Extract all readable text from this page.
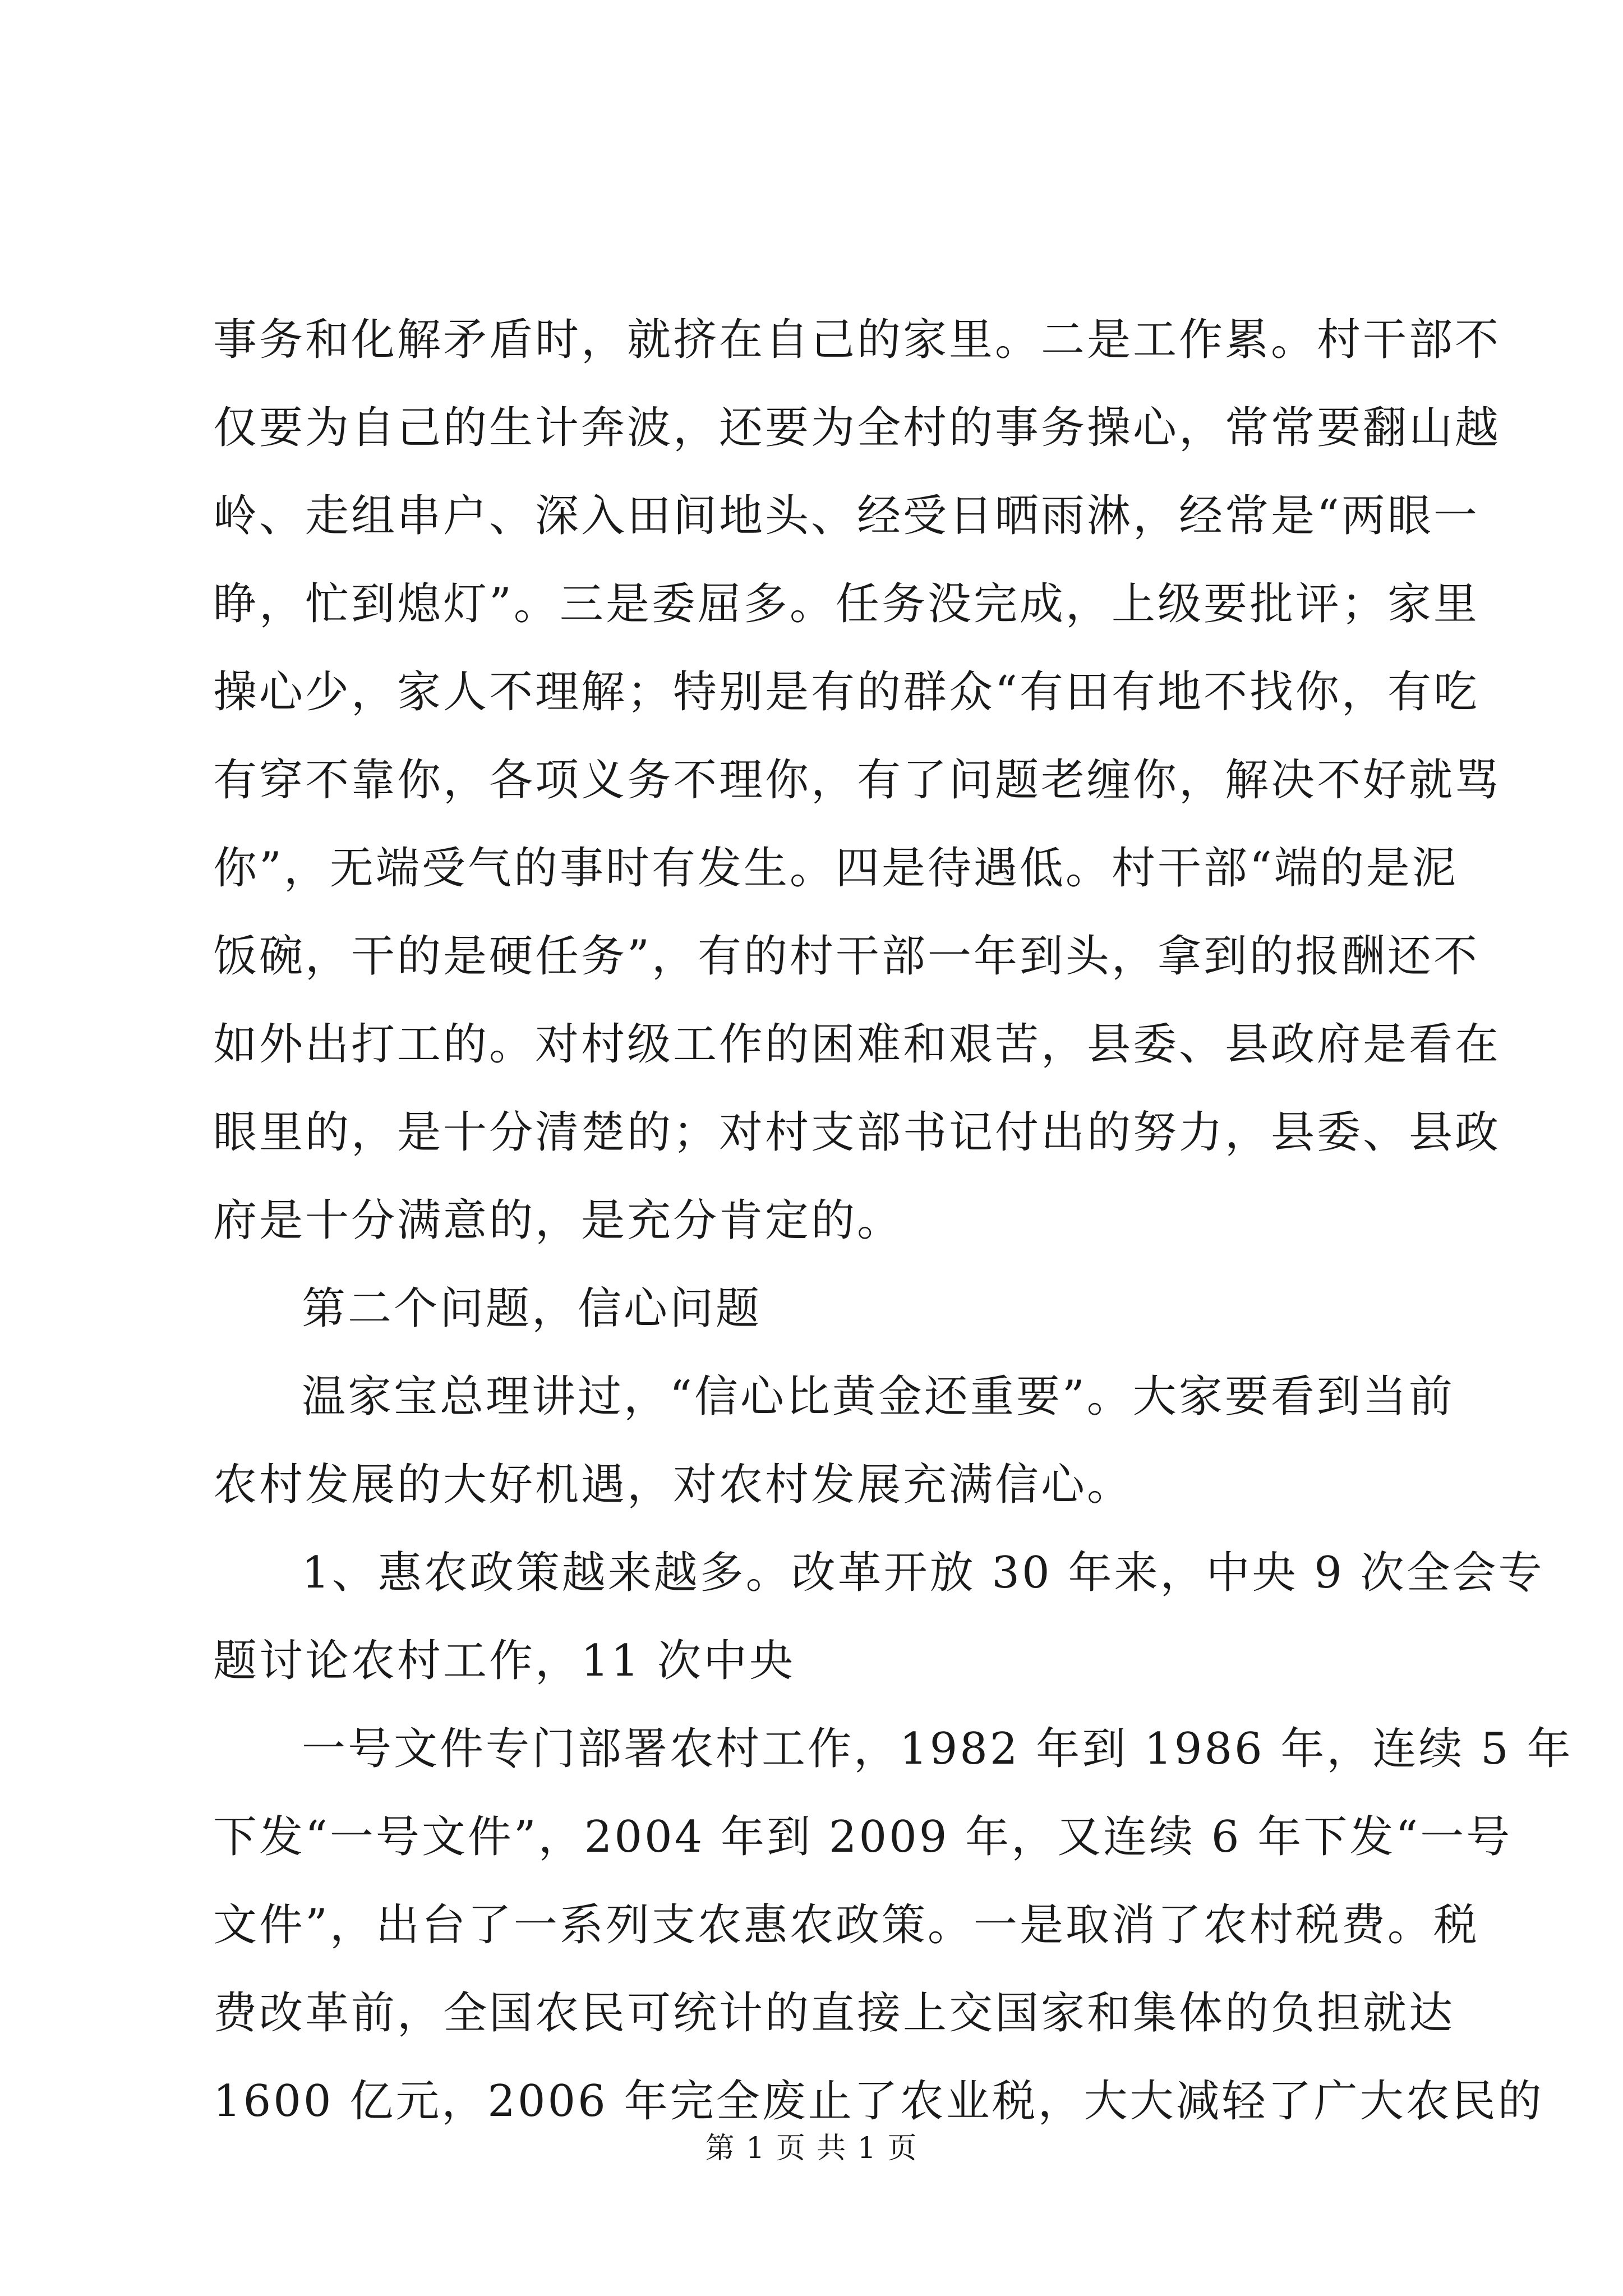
事务和化解矛盾时，就挤在自己的家里。二是工作累。村干部不
仅要为自己的生计奔波，还要为全村的事务操心，常常要翻山越
岭、走组串户、深入田间地头、经受日晒雨淋，经常是“两眼一
睁，忙到熄灯”。三是委屈多。任务没完成，上级要批评；家里
操心少，家人不理解；特别是有的群众“有田有地不找你，有吃
有穿不靠你，各项义务不理你，有了问题老缠你，解决不好就骂
你”，无端受气的事时有发生。四是待遇低。村干部“端的是泥
饭碗，干的是硬任务”，有的村干部一年到头，拿到的报酬还不
如外出打工的。对村级工作的困难和艰苦，县委、县政府是看在
眼里的，是十分清楚的；对村支部书记付出的努力，县委、县政
府是十分满意的，是充分肯定的。
第二个问题，信心问题
温家宝总理讲过，“信心比黄金还重要”。大家要看到当前
农村发展的大好机遇，对农村发展充满信心。
1、惠农政策越来越多。改革开放 30 年来，中央 9 次全会专
题讨论农村工作，11 次中央
一号文件专门部署农村工作，1982 年到 1986 年，连续 5 年
下发“一号文件”，2004 年到 2009 年，又连续 6 年下发“一号
文件”，出台了一系列支农惠农政策。一是取消了农村税费。税
费改革前，全国农民可统计的直接上交国家和集体的负担就达
1600 亿元，2006 年完全废止了农业税，大大减轻了广大农民的
第 1 页 共 1 页
